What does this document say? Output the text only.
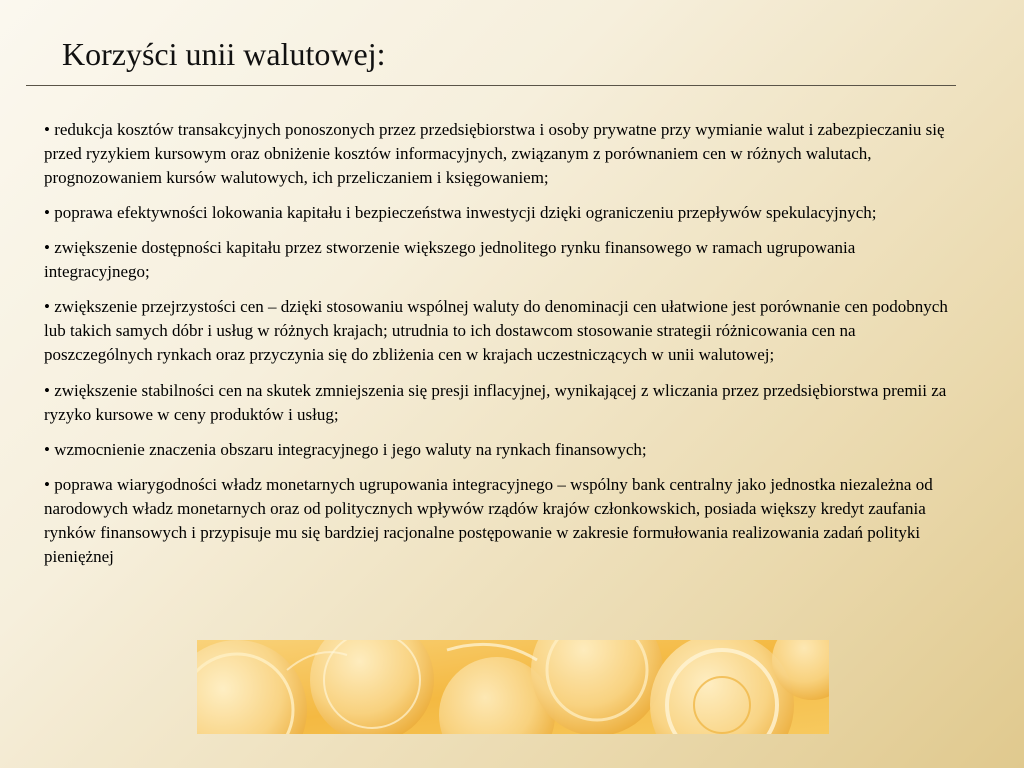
Korzyści unii walutowej:
• redukcja kosztów transakcyjnych ponoszonych przez przedsiębiorstwa i osoby prywatne przy wymianie walut i zabezpieczaniu się przed ryzykiem kursowym oraz obniżenie kosztów informacyjnych, związanym z porównaniem cen w różnych walutach, prognozowaniem kursów walutowych, ich przeliczaniem i księgowaniem;
• poprawa efektywności lokowania kapitału i bezpieczeństwa inwestycji dzięki ograniczeniu przepływów spekulacyjnych;
• zwiększenie dostępności kapitału przez stworzenie większego jednolitego rynku finansowego w ramach ugrupowania integracyjnego;
• zwiększenie przejrzystości cen – dzięki stosowaniu wspólnej waluty do denominacji cen ułatwione jest porównanie cen podobnych lub takich samych dóbr i usług w różnych krajach; utrudnia to ich dostawcom stosowanie strategii różnicowania cen na poszczególnych rynkach oraz przyczynia się do zbliżenia cen w krajach uczestniczących w unii walutowej;
• zwiększenie stabilności cen na skutek zmniejszenia się presji inflacyjnej, wynikającej z wliczania przez przedsiębiorstwa premii za ryzyko kursowe w ceny produktów i usług;
• wzmocnienie znaczenia obszaru integracyjnego i jego waluty na rynkach finansowych;
• poprawa wiarygodności władz monetarnych ugrupowania integracyjnego – wspólny bank centralny jako jednostka niezależna od narodowych władz monetarnych oraz od politycznych wpływów rządów krajów członkowskich, posiada większy kredyt zaufania rynków finansowych i przypisuje mu się bardziej racjonalne postępowanie w zakresie formułowania realizowania zadań polityki pieniężnej
